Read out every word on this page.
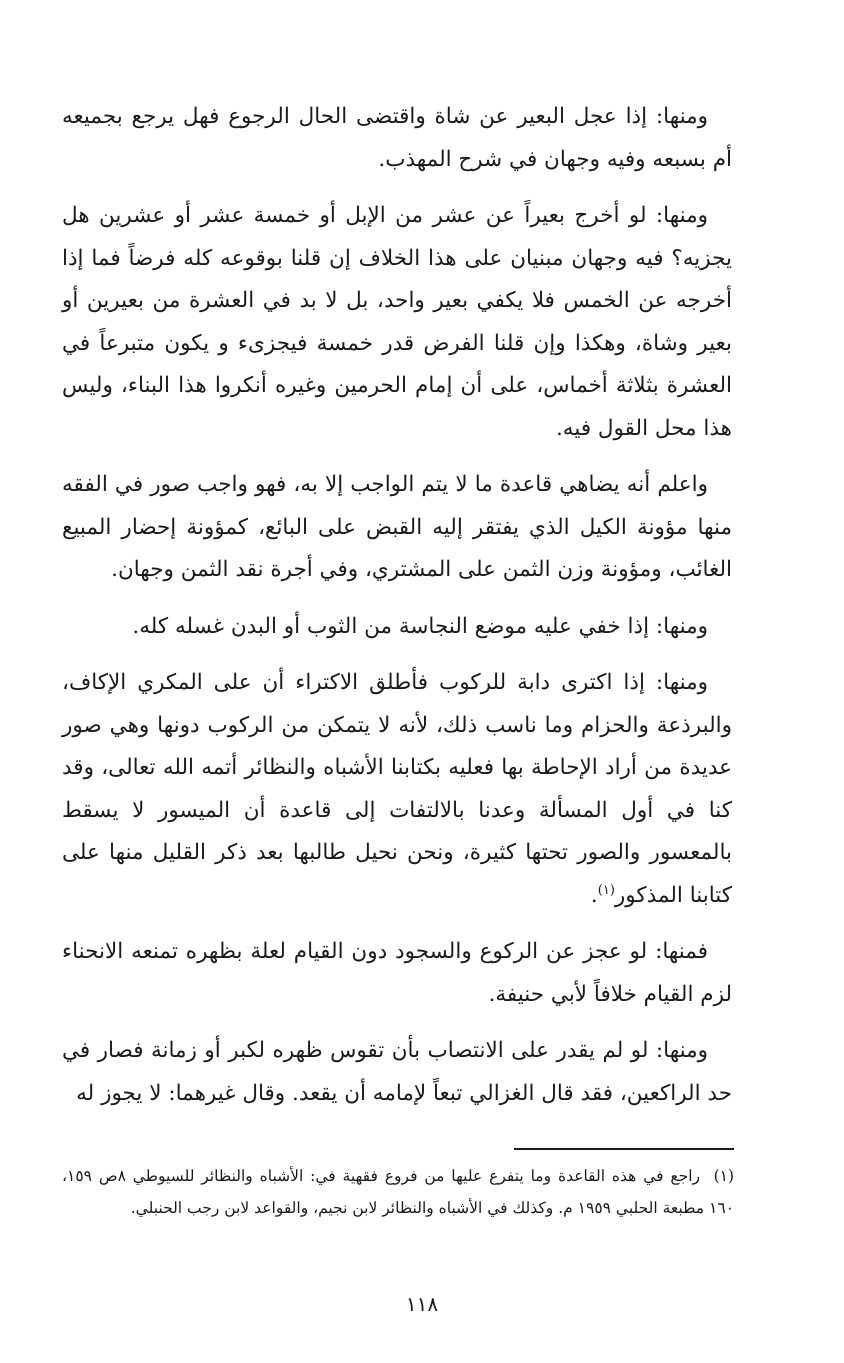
ومنها: إذا عجل البعير عن شاة واقتضى الحال الرجوع فهل يرجع بجميعه أم بسبعه وفيه وجهان في شرح المهذب.

ومنها: لو أخرج بعيراً عن عشر من الإبل أو خمسة عشر أو عشرين هل يجزيه؟ فيه وجهان مبنيان على هذا الخلاف إن قلنا بوقوعه كله فرضاً فما إذا أخرجه عن الخمس فلا يكفي بعير واحد، بل لا بد في العشرة من بعيرين أو بعير وشاة، وهكذا وإن قلنا الفرض قدر خمسة فيجزىء و يكون متبرعاً في العشرة بثلاثة أخماس، على أن إمام الحرمين وغيره أنكروا هذا البناء، وليس هذا محل القول فيه.

واعلم أنه يضاهي قاعدة ما لا يتم الواجب إلا به، فهو واجب صور في الفقه منها مؤونة الكيل الذي يفتقر إليه القبض على البائع، كمؤونة إحضار المبيع الغائب، ومؤونة وزن الثمن على المشتري، وفي أجرة نقد الثمن وجهان.

ومنها: إذا خفي عليه موضع النجاسة من الثوب أو البدن غسله كله.

ومنها: إذا اكترى دابة للركوب فأطلق الاكتراء أن على المكري الإكاف، والبرذعة والحزام وما ناسب ذلك، لأنه لا يتمكن من الركوب دونها وهي صور عديدة من أراد الإحاطة بها فعليه بكتابنا الأشباه والنظائر أتمه الله تعالى، وقد كنا في أول المسألة وعدنا بالالتفات إلى قاعدة أن الميسور لا يسقط بالمعسور والصور تحتها كثيرة، ونحن نحيل طالبها بعد ذكر القليل منها على كتابنا المذكور$^{(١)}$.

فمنها: لو عجز عن الركوع والسجود دون القيام لعلة بظهره تمنعه الانحناء لزم القيام خلافاً لأبي حنيفة.

ومنها: لو لم يقدر على الانتصاب بأن تقوس ظهره لكبر أو زمانة فصار في حد الراكعين، فقد قال الغزالي تبعاً لإمامه أن يقعد. وقال غيرهما: لا يجوز له

(١)راجع في هذه القاعدة وما يتفرع عليها من فروع فقهية في: الأشباه والنظائر للسيوطي ٨ص ١٥٩، ١٦٠ مطبعة الحلبي ١٩٥٩ م. وكذلك في الأشباه والنظائر لابن نجيم، والقواعد لابن رجب الحنبلي.
١١٨
